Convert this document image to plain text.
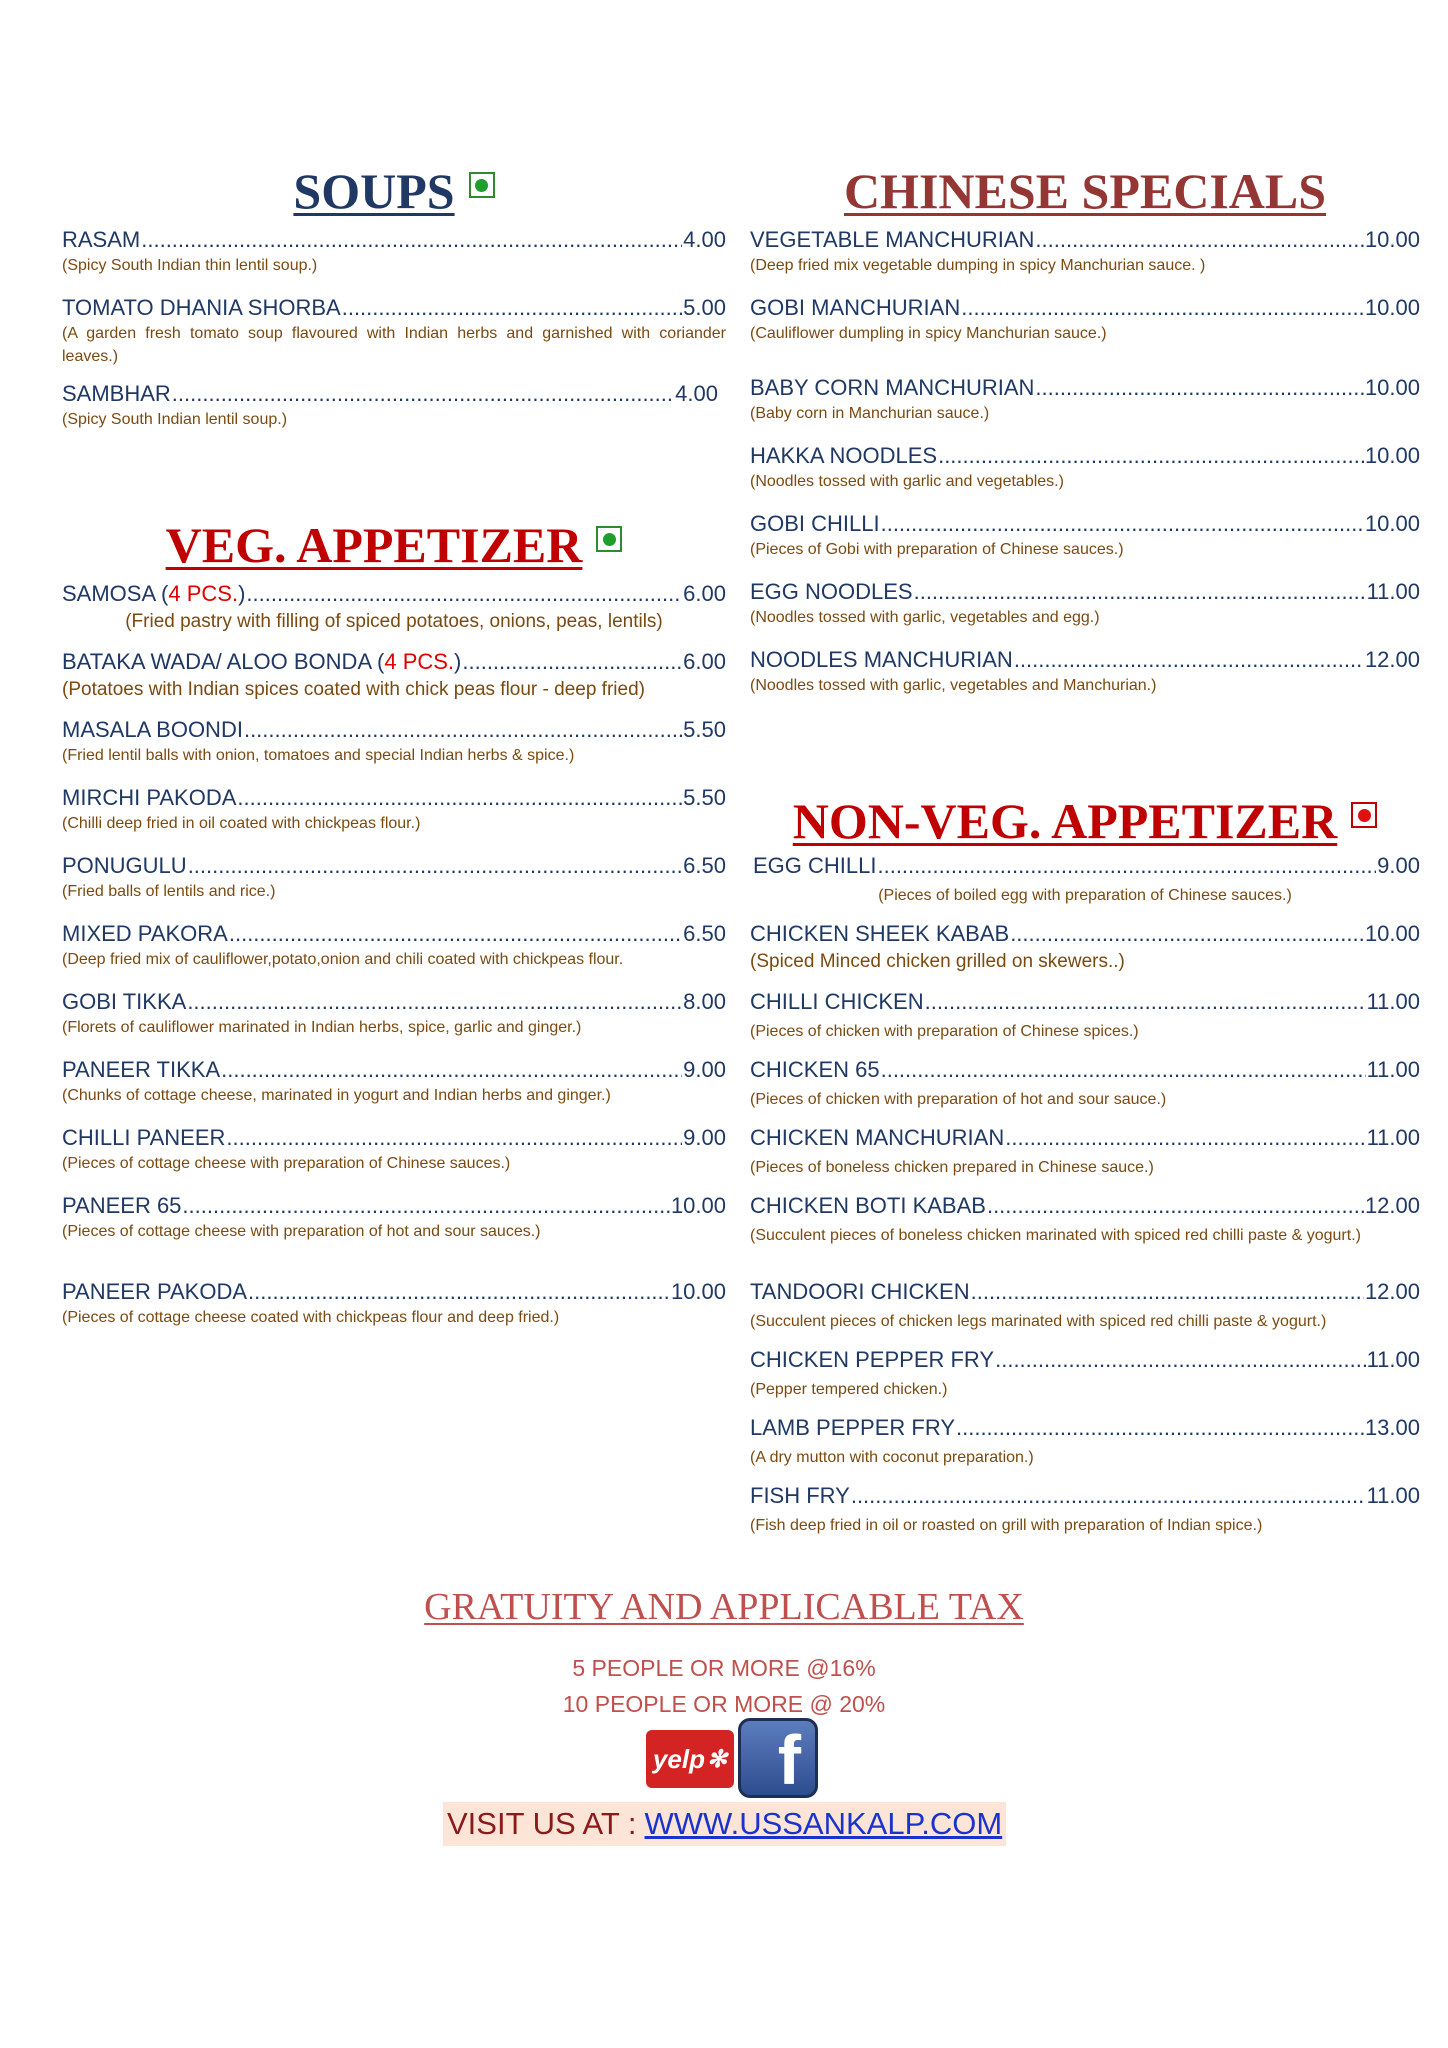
SOUPS
RASAM .....	4.00
(Spicy South Indian thin lentil soup.)
TOMATO DHANIA SHORBA .....	5.00
(A garden fresh tomato soup flavoured with Indian herbs and garnished with coriander leaves.)
SAMBHAR .....	4.00
(Spicy South Indian lentil soup.)
VEG. APPETIZER
SAMOSA (4 PCS.) .....	6.00
(Fried pastry with filling of spiced potatoes, onions, peas, lentils)
BATAKA WADA/ ALOO BONDA (4 PCS.) .....	6.00
(Potatoes with Indian spices coated with chick peas flour - deep fried)
MASALA BOONDI .....	5.50
(Fried lentil balls with onion, tomatoes and special Indian herbs & spice.)
MIRCHI PAKODA .....	5.50
(Chilli deep fried in oil coated with chickpeas flour.)
PONUGULU .....	6.50
(Fried balls of lentils and rice.)
MIXED PAKORA .....	6.50
(Deep fried mix of cauliflower,potato,onion and chili coated with chickpeas flour.
GOBI TIKKA .....	8.00
(Florets of cauliflower marinated in Indian herbs, spice, garlic and ginger.)
PANEER TIKKA .....	9.00
(Chunks of cottage cheese, marinated in yogurt and Indian herbs and ginger.)
CHILLI PANEER .....	9.00
(Pieces of cottage cheese with preparation of Chinese sauces.)
PANEER 65 .....	10.00
(Pieces of cottage cheese with preparation of hot and sour sauces.)
PANEER PAKODA .....	10.00
(Pieces of cottage cheese coated with chickpeas flour and deep fried.)
CHINESE SPECIALS
VEGETABLE MANCHURIAN .....	10.00
(Deep fried mix vegetable dumping in spicy Manchurian sauce. )
GOBI MANCHURIAN .....	10.00
(Cauliflower dumpling in spicy Manchurian sauce.)
BABY CORN MANCHURIAN .....	10.00
(Baby corn in Manchurian sauce.)
HAKKA NOODLES .....	10.00
(Noodles tossed with garlic and vegetables.)
GOBI CHILLI .....	10.00
(Pieces of Gobi with preparation of Chinese sauces.)
EGG NOODLES .....	11.00
(Noodles tossed with garlic, vegetables and egg.)
NOODLES MANCHURIAN .....	12.00
(Noodles tossed with garlic, vegetables and Manchurian.)
NON-VEG. APPETIZER
EGG CHILLI .....	9.00
(Pieces of boiled egg with preparation of Chinese sauces.)
CHICKEN SHEEK KABAB .....	10.00
(Spiced Minced chicken grilled on skewers..)
CHILLI CHICKEN .....	11.00
(Pieces of chicken with preparation of Chinese spices.)
CHICKEN 65 .....	11.00
(Pieces of chicken with preparation of hot and sour sauce.)
CHICKEN MANCHURIAN .....	11.00
(Pieces of boneless chicken prepared in Chinese sauce.)
CHICKEN BOTI KABAB .....	12.00
(Succulent pieces of boneless chicken marinated with spiced red chilli paste & yogurt.)
TANDOORI CHICKEN .....	12.00
(Succulent pieces of chicken legs marinated with spiced red chilli paste & yogurt.)
CHICKEN PEPPER FRY .....	11.00
(Pepper tempered chicken.)
LAMB PEPPER FRY .....	13.00
(A dry mutton with coconut preparation.)
FISH FRY .....	11.00
(Fish deep fried in oil or roasted on grill with preparation of Indian spice.)
GRATUITY AND APPLICABLE TAX
5 PEOPLE OR MORE @16%
10 PEOPLE OR MORE @ 20%
yelp ✻ f
VISIT US AT : WWW.USSANKALP.COM
